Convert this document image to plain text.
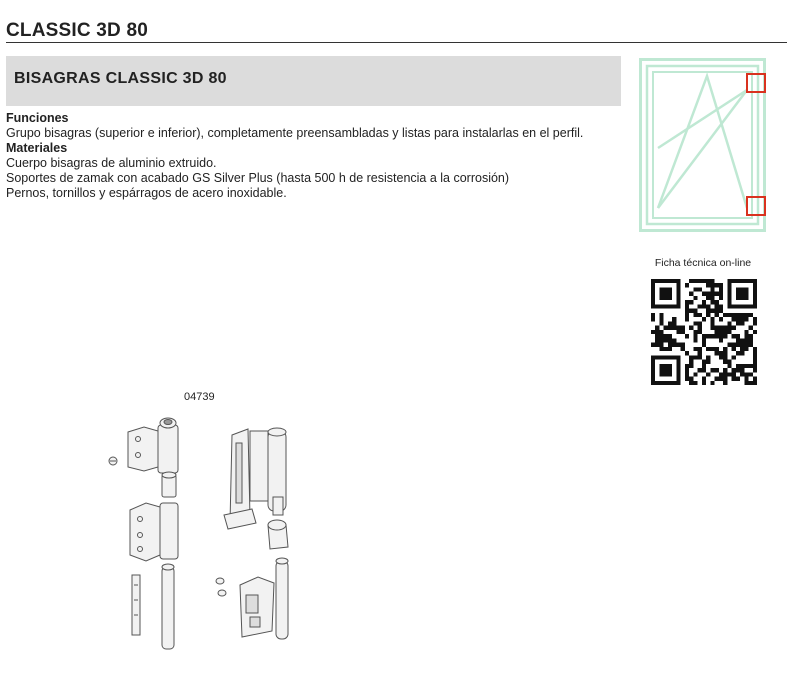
CLASSIC 3D 80
BISAGRAS CLASSIC 3D 80
Funciones
Grupo bisagras (superior e inferior), completamente preensambladas y listas para instalarlas en el perfil.
Materiales
Cuerpo bisagras de aluminio extruido.
Soportes de zamak con acabado GS Silver Plus (hasta 500 h de resistencia a la corrosión)
Pernos, tornillos y espárragos de acero inoxidable.
Ficha técnica on-line
04739
